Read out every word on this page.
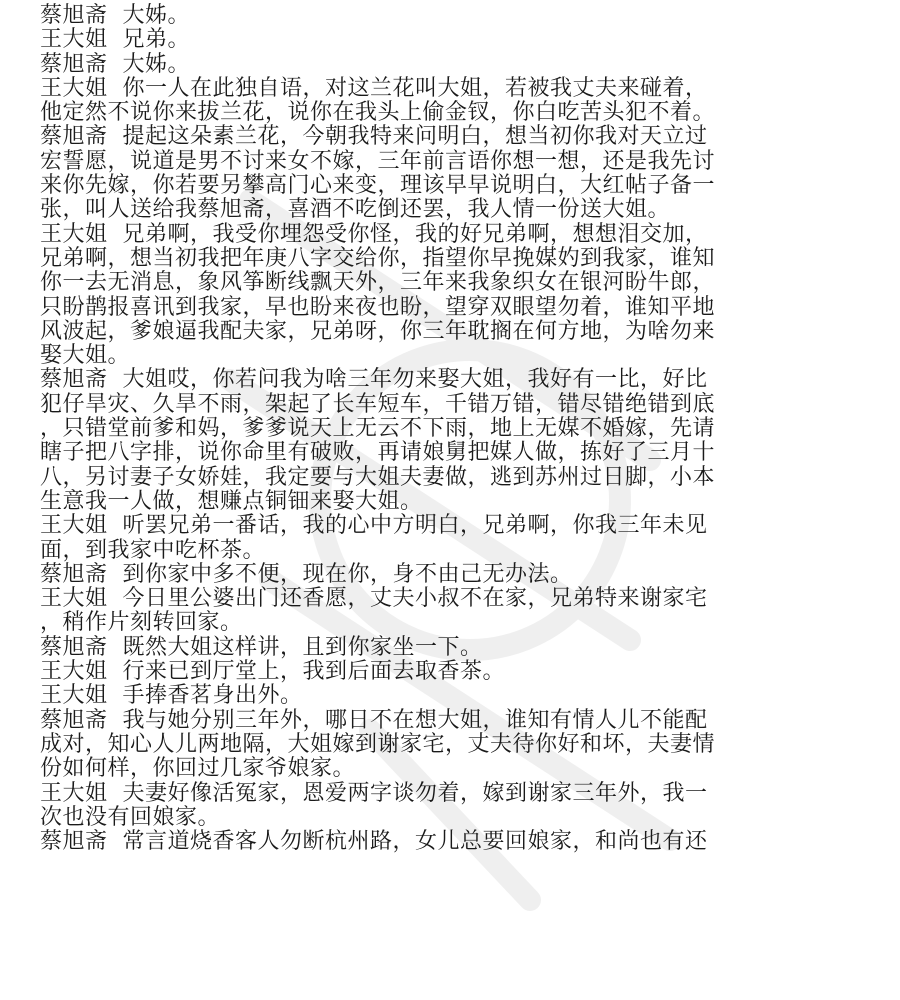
蔡旭斋  大姊。
王大姐  兄弟。
蔡旭斋  大姊。
王大姐  你一人在此独自语，对这兰花叫大姐，若被我丈夫来碰着，
他定然不说你来拔兰花，说你在我头上偷金钗，你白吃苦头犯不着。
蔡旭斋  提起这朵素兰花，今朝我特来问明白，想当初你我对天立过
宏誓愿，说道是男不讨来女不嫁，三年前言语你想一想，还是我先讨
来你先嫁，你若要另攀高门心来变，理该早早说明白，大红帖子备一
张，叫人送给我蔡旭斋，喜酒不吃倒还罢，我人情一份送大姐。
王大姐  兄弟啊，我受你埋怨受你怪，我的好兄弟啊，想想泪交加，
兄弟啊，想当初我把年庚八字交给你，指望你早挽媒妁到我家，谁知
你一去无消息，象风筝断线飘天外，三年来我象织女在银河盼牛郎，
只盼鹊报喜讯到我家，早也盼来夜也盼，望穿双眼望勿着，谁知平地
风波起，爹娘逼我配夫家，兄弟呀，你三年耽搁在何方地，为啥勿来
娶大姐。
蔡旭斋  大姐哎，你若问我为啥三年勿来娶大姐，我好有一比，好比
犯仔旱灾、久旱不雨，架起了长车短车，千错万错，错尽错绝错到底
，只错堂前爹和妈，爹爹说天上无云不下雨，地上无媒不婚嫁，先请
瞎子把八字排，说你命里有破败，再请娘舅把媒人做，拣好了三月十
八，另讨妻子女娇娃，我定要与大姐夫妻做，逃到苏州过日脚，小本
生意我一人做，想赚点铜钿来娶大姐。
王大姐  听罢兄弟一番话，我的心中方明白，兄弟啊，你我三年未见
面，到我家中吃杯茶。
蔡旭斋  到你家中多不便，现在你，身不由己无办法。
王大姐  今日里公婆出门还香愿，丈夫小叔不在家，兄弟特来谢家宅
，稍作片刻转回家。
蔡旭斋  既然大姐这样讲，且到你家坐一下。
王大姐  行来已到厅堂上，我到后面去取香茶。
王大姐  手捧香茗身出外。
蔡旭斋  我与她分别三年外，哪日不在想大姐，谁知有情人儿不能配
成对，知心人儿两地隔，大姐嫁到谢家宅，丈夫待你好和坏，夫妻情
份如何样，你回过几家爷娘家。
王大姐  夫妻好像活冤家，恩爱两字谈勿着，嫁到谢家三年外，我一
次也没有回娘家。
蔡旭斋  常言道烧香客人勿断杭州路，女儿总要回娘家，和尚也有还
